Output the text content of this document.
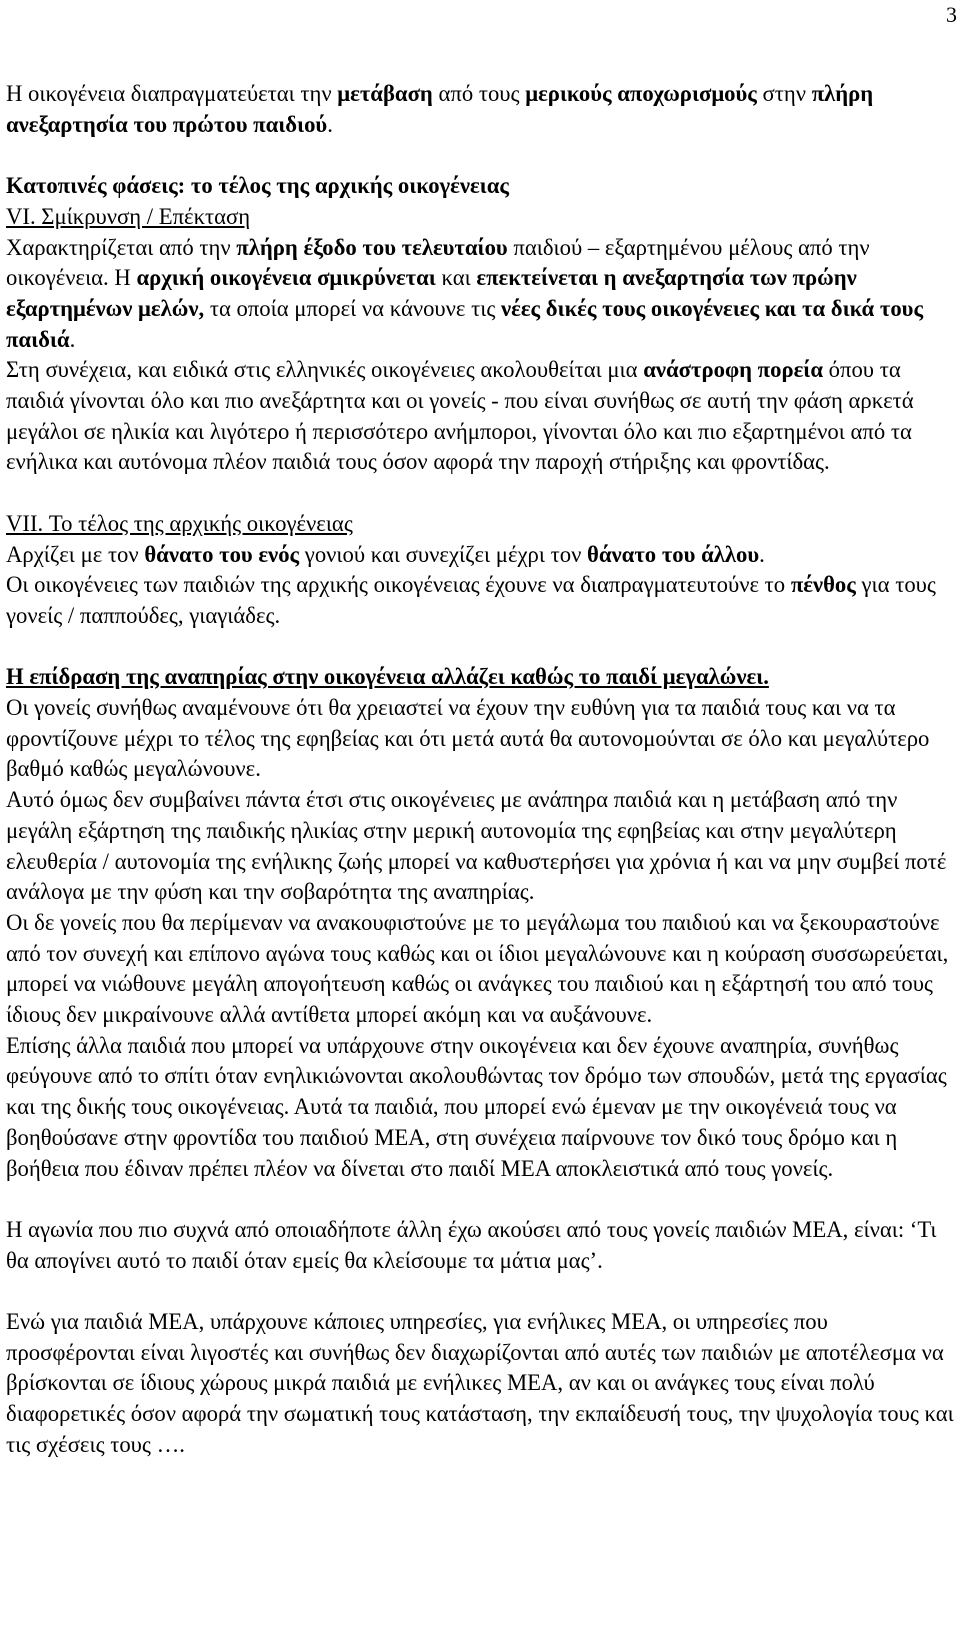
3

Η οικογένεια διαπραγματεύεται την μετάβαση από τους μερικούς αποχωρισμούς στην πλήρη ανεξαρτησία του πρώτου παιδιού.

Κατοπινές φάσεις: το τέλος της αρχικής οικογένειας

VI. Σμίκρυνση / Επέκταση

Χαρακτηρίζεται από την πλήρη έξοδο του τελευταίου παιδιού – εξαρτημένου μέλους από την οικογένεια. Η αρχική οικογένεια σμικρύνεται και επεκτείνεται η ανεξαρτησία των πρώην εξαρτημένων μελών, τα οποία μπορεί να κάνουνε τις νέες δικές τους οικογένειες και τα δικά τους παιδιά.

Στη συνέχεια, και ειδικά στις ελληνικές οικογένειες ακολουθείται μια ανάστροφη πορεία όπου τα παιδιά γίνονται όλο και πιο ανεξάρτητα και οι γονείς - που είναι συνήθως σε αυτή την φάση αρκετά μεγάλοι σε ηλικία και λιγότερο ή περισσότερο ανήμποροι, γίνονται όλο και πιο εξαρτημένοι από τα ενήλικα και αυτόνομα πλέον παιδιά τους όσον αφορά την παροχή στήριξης και φροντίδας.

VII. Το τέλος της αρχικής οικογένειας

Αρχίζει με τον θάνατο του ενός γονιού και συνεχίζει μέχρι τον θάνατο του άλλου.

Οι οικογένειες των παιδιών της αρχικής οικογένειας έχουνε να διαπραγματευτούνε το πένθος για τους γονείς / παππούδες, γιαγιάδες.

Η επίδραση της αναπηρίας στην οικογένεια αλλάζει καθώς το παιδί μεγαλώνει.

Οι γονείς συνήθως αναμένουνε ότι θα χρειαστεί να έχουν την ευθύνη για τα παιδιά τους και να τα φροντίζουνε μέχρι το τέλος της εφηβείας και ότι μετά αυτά θα αυτονομούνται σε όλο και μεγαλύτερο βαθμό καθώς μεγαλώνουνε.

Αυτό όμως δεν συμβαίνει πάντα έτσι στις οικογένειες με ανάπηρα παιδιά και η μετάβαση από την μεγάλη εξάρτηση της παιδικής ηλικίας στην μερική αυτονομία της εφηβείας και στην μεγαλύτερη ελευθερία / αυτονομία της ενήλικης ζωής μπορεί να καθυστερήσει για χρόνια ή και να μην συμβεί ποτέ ανάλογα με την φύση και την σοβαρότητα της αναπηρίας.

Οι δε γονείς που θα περίμεναν να ανακουφιστούνε με το μεγάλωμα του παιδιού και να ξεκουραστούνε από τον συνεχή και επίπονο αγώνα τους καθώς και οι ίδιοι μεγαλώνουνε και η κούραση συσσωρεύεται, μπορεί να νιώθουνε μεγάλη απογοήτευση καθώς οι ανάγκες του παιδιού και η εξάρτησή του από τους ίδιους δεν μικραίνουνε αλλά αντίθετα μπορεί ακόμη και να αυξάνουνε.

Επίσης άλλα παιδιά που μπορεί να υπάρχουνε στην οικογένεια και δεν έχουνε αναπηρία, συνήθως φεύγουνε από το σπίτι όταν ενηλικιώνονται ακολουθώντας τον δρόμο των σπουδών, μετά της εργασίας και της δικής τους οικογένειας. Αυτά τα παιδιά, που μπορεί ενώ έμεναν με την οικογένειά τους να βοηθούσανε στην φροντίδα του παιδιού ΜΕΑ, στη συνέχεια παίρνουνε τον δικό τους δρόμο και η βοήθεια που έδιναν πρέπει πλέον να δίνεται στο παιδί ΜΕΑ αποκλειστικά από τους γονείς.

Η αγωνία που πιο συχνά από οποιαδήποτε άλλη έχω ακούσει από τους γονείς παιδιών ΜΕΑ, είναι: ‘Τι θα απογίνει αυτό το παιδί όταν εμείς θα κλείσουμε τα μάτια μας’.

Ενώ για παιδιά ΜΕΑ, υπάρχουνε κάποιες υπηρεσίες, για ενήλικες ΜΕΑ, οι υπηρεσίες που προσφέρονται είναι λιγοστές και συνήθως δεν διαχωρίζονται από αυτές των παιδιών με αποτέλεσμα να βρίσκονται σε ίδιους χώρους μικρά παιδιά με ενήλικες ΜΕΑ, αν και οι ανάγκες τους είναι πολύ διαφορετικές όσον αφορά την σωματική τους κατάσταση, την εκπαίδευσή τους, την ψυχολογία τους και τις σχέσεις τους ….
